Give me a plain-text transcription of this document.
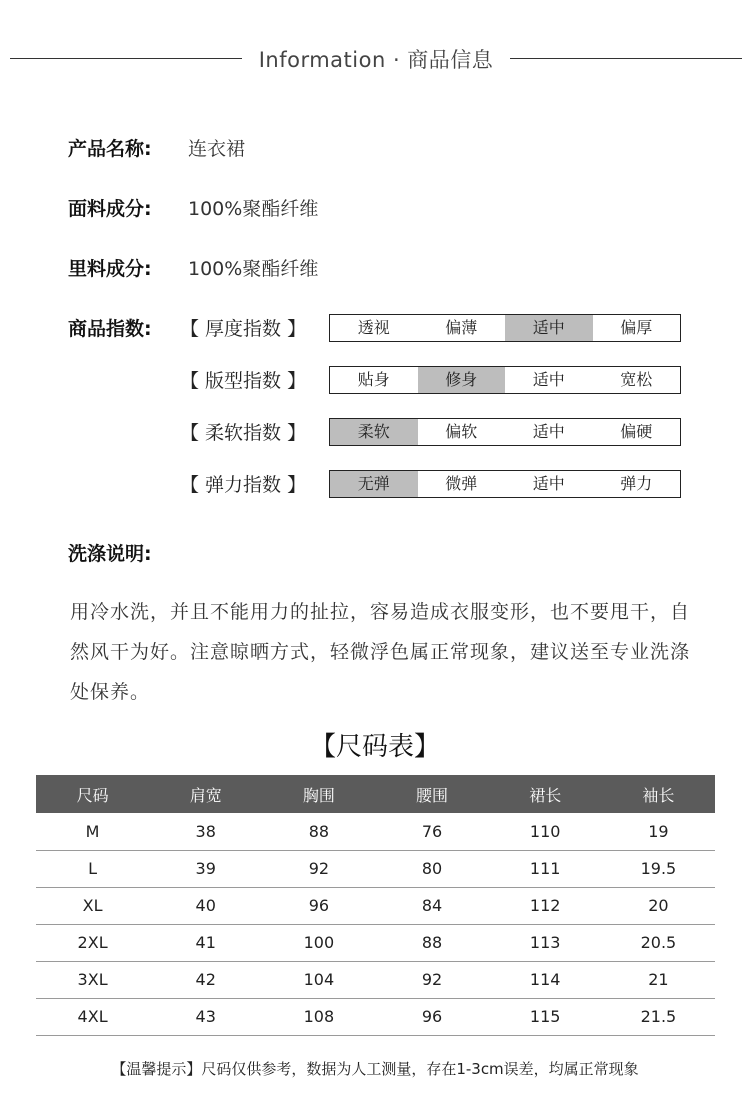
Information · 商品信息
产品名称: 连衣裙
面料成分: 100%聚酯纤维
里料成分: 100%聚酯纤维
商品指数: 【 厚度指数 】	透视	偏薄	适中	偏厚
【 版型指数 】	贴身	修身	适中	宽松
【 柔软指数 】	柔软	偏软	适中	偏硬
【 弹力指数 】	无弹	微弹	适中	弹力
洗涤说明:
用冷水洗，并且不能用力的扯拉，容易造成衣服变形，也不要甩干，自然风干为好。注意晾晒方式，轻微浮色属正常现象，建议送至专业洗涤处保养。
【尺码表】
尺码	肩宽	胸围	腰围	裙长	袖长
M	38	88	76	110	19
L	39	92	80	111	19.5
XL	40	96	84	112	20
2XL	41	100	88	113	20.5
3XL	42	104	92	114	21
4XL	43	108	96	115	21.5
【温馨提示】尺码仅供参考，数据为人工测量，存在1-3cm误差，均属正常现象
